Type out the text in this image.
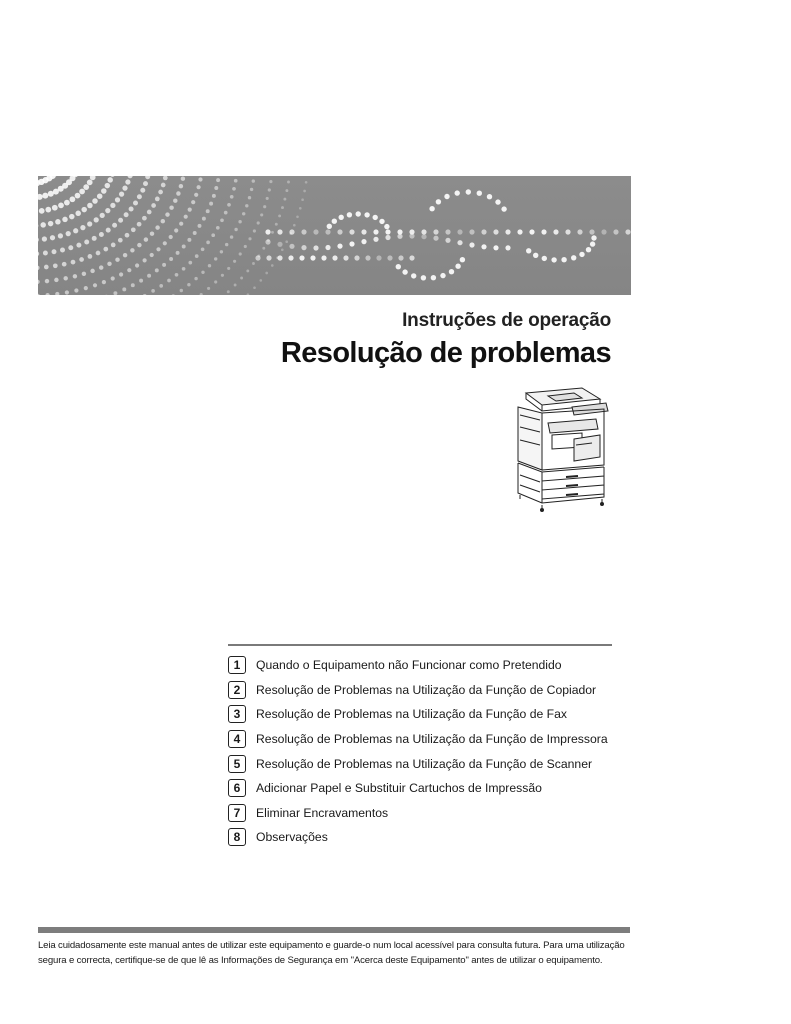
Instruções de operação
Resolução de problemas
1	Quando o Equipamento não Funcionar como Pretendido
2	Resolução de Problemas na Utilização da Função de Copiador
3	Resolução de Problemas na Utilização da Função de Fax
4	Resolução de Problemas na Utilização da Função de Impressora
5	Resolução de Problemas na Utilização da Função de Scanner
6	Adicionar Papel e Substituir Cartuchos de Impressão
7	Eliminar Encravamentos
8	Observações
Leia cuidadosamente este manual antes de utilizar este equipamento e guarde-o num local acessível para consulta futura. Para uma utilização
segura e correcta, certifique-se de que lê as Informações de Segurança em "Acerca deste Equipamento" antes de utilizar o equipamento.
